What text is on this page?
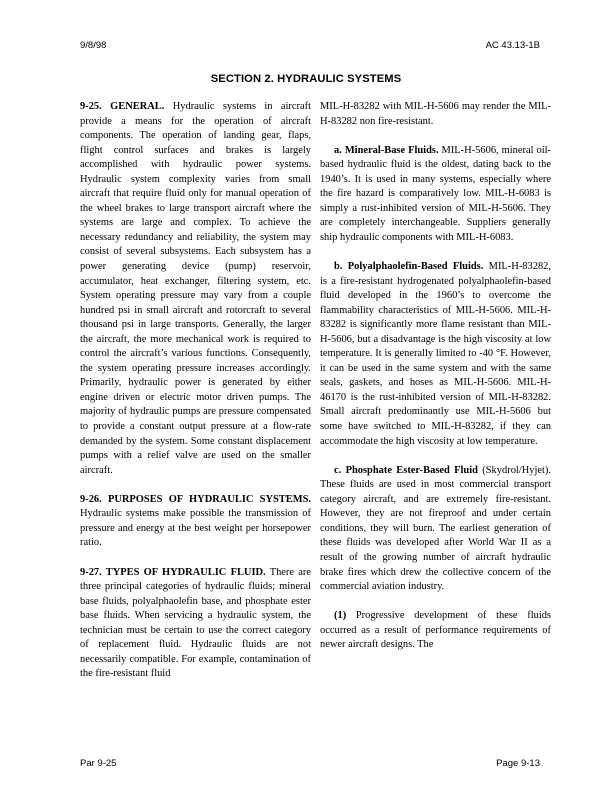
9/8/98	AC 43.13-1B
SECTION 2. HYDRAULIC SYSTEMS

9-25. GENERAL. Hydraulic systems in aircraft provide a means for the operation of aircraft components. The operation of landing gear, flaps, flight control surfaces and brakes is largely accomplished with hydraulic power systems. Hydraulic system complexity varies from small aircraft that require fluid only for manual operation of the wheel brakes to large transport aircraft where the systems are large and complex. To achieve the necessary redundancy and reliability, the system may consist of several subsystems. Each subsystem has a power generating device (pump) reservoir, accumulator, heat exchanger, filtering system, etc. System operating pressure may vary from a couple hundred psi in small aircraft and rotorcraft to several thousand psi in large transports. Generally, the larger the aircraft, the more mechanical work is required to control the aircraft’s various functions. Consequently, the system operating pressure increases accordingly. Primarily, hydraulic power is generated by either engine driven or electric motor driven pumps. The majority of hydraulic pumps are pressure compensated to provide a constant output pressure at a flow-rate demanded by the system. Some constant displacement pumps with a relief valve are used on the smaller aircraft.

9-26. PURPOSES OF HYDRAULIC SYSTEMS. Hydraulic systems make possible the transmission of pressure and energy at the best weight per horsepower ratio.

9-27. TYPES OF HYDRAULIC FLUID. There are three principal categories of hydraulic fluids; mineral base fluids, polyalphaolefin base, and phosphate ester base fluids. When servicing a hydraulic system, the technician must be certain to use the correct category of replacement fluid. Hydraulic fluids are not necessarily compatible. For example, contamination of the fire-resistant fluid

MIL-H-83282 with MIL-H-5606 may render the MIL-H-83282 non fire-resistant.

a. Mineral-Base Fluids. MIL-H-5606, mineral oil-based hydraulic fluid is the oldest, dating back to the 1940’s. It is used in many systems, especially where the fire hazard is comparatively low. MIL-H-6083 is simply a rust-inhibited version of MIL-H-5606. They are completely interchangeable. Suppliers generally ship hydraulic components with MIL-H-6083.

b. Polyalphaolefin-Based Fluids. MIL-H-83282, is a fire-resistant hydrogenated polyalphaolefin-based fluid developed in the 1960’s to overcome the flammability characteristics of MIL-H-5606. MIL-H-83282 is significantly more flame resistant than MIL-H-5606, but a disadvantage is the high viscosity at low temperature. It is generally limited to -40 °F. However, it can be used in the same system and with the same seals, gaskets, and hoses as MIL-H-5606. MIL-H-46170 is the rust-inhibited version of MIL-H-83282. Small aircraft predominantly use MIL-H-5606 but some have switched to MIL-H-83282, if they can accommodate the high viscosity at low temperature.

c. Phosphate Ester-Based Fluid (Skydrol/Hyjet). These fluids are used in most commercial transport category aircraft, and are extremely fire-resistant. However, they are not fireproof and under certain conditions, they will burn. The earliest generation of these fluids was developed after World War II as a result of the growing number of aircraft hydraulic brake fires which drew the collective concern of the commercial aviation industry.

(1) Progressive development of these fluids occurred as a result of performance requirements of newer aircraft designs. The

Par 9-25	Page 9-13
